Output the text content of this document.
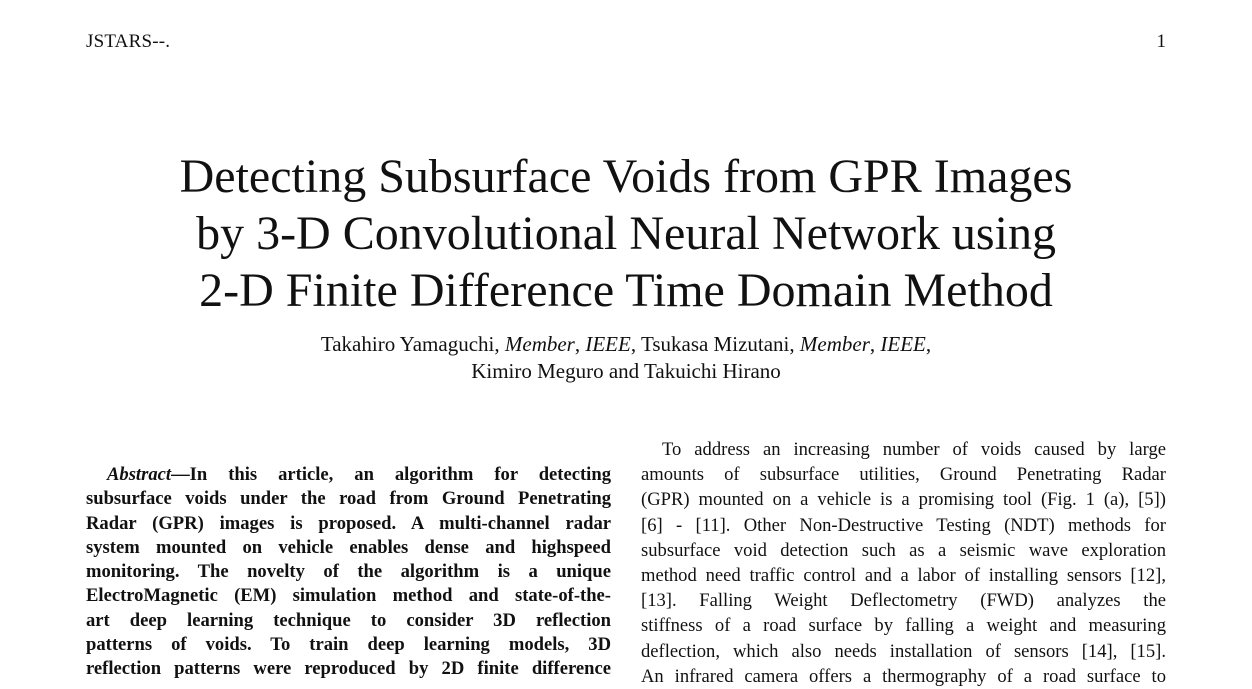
JSTARS--.	1
Detecting Subsurface Voids from GPR Images
by 3-D Convolutional Neural Network using
2-D Finite Difference Time Domain Method
Takahiro Yamaguchi, Member, IEEE, Tsukasa Mizutani, Member, IEEE,
Kimiro Meguro and Takuichi Hirano
Abstract—In this article, an algorithm for detecting
subsurface voids under the road from Ground Penetrating
Radar (GPR) images is proposed. A multi-channel radar
system mounted on vehicle enables dense and highspeed
monitoring. The novelty of the algorithm is a unique
ElectroMagnetic (EM) simulation method and state-of-the-
art deep learning technique to consider 3D reflection
patterns of voids. To train deep learning models, 3D
reflection patterns were reproduced by 2D finite difference
To address an increasing number of voids caused by large
amounts of subsurface utilities, Ground Penetrating Radar
(GPR) mounted on a vehicle is a promising tool (Fig. 1 (a), [5])
[6] - [11]. Other Non-Destructive Testing (NDT) methods for
subsurface void detection such as a seismic wave exploration
method need traffic control and a labor of installing sensors [12],
[13]. Falling Weight Deflectometry (FWD) analyzes the
stiffness of a road surface by falling a weight and measuring
deflection, which also needs installation of sensors [14], [15].
An infrared camera offers a thermography of a road surface to
